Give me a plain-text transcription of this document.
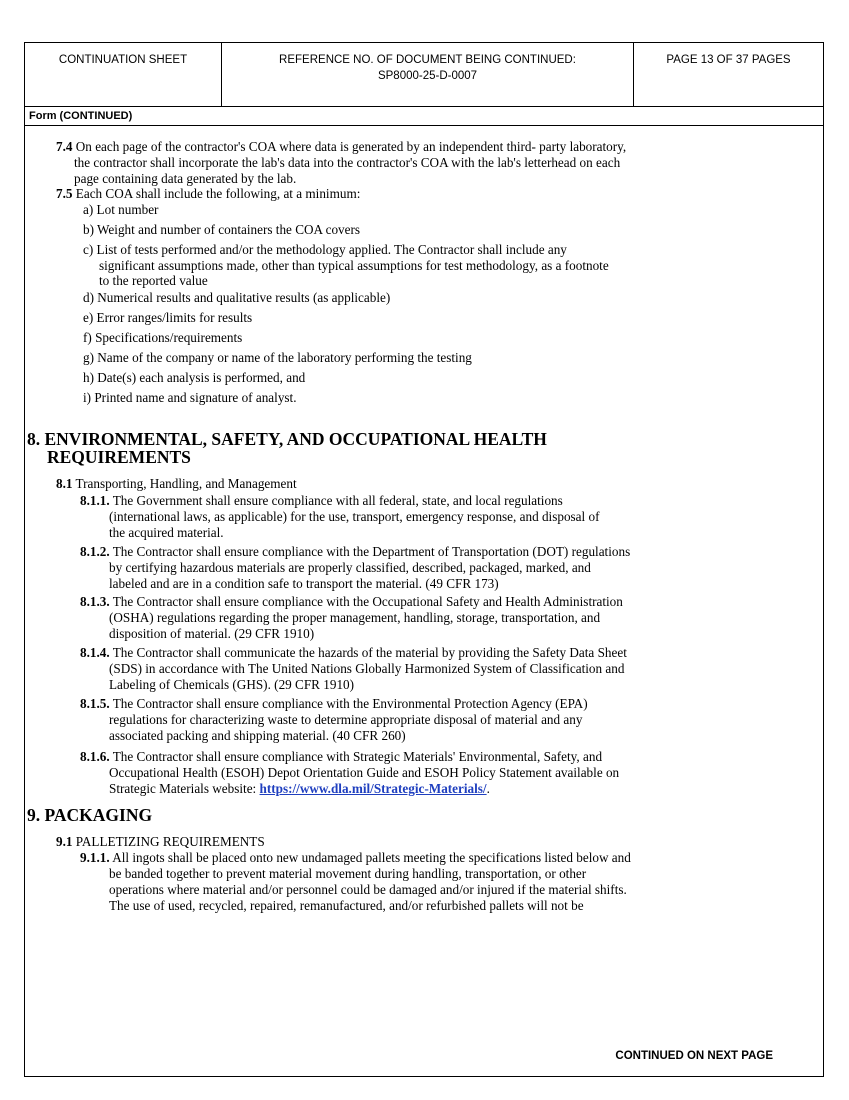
CONTINUATION SHEET	REFERENCE NO. OF DOCUMENT BEING CONTINUED:
SP8000-25-D-0007
PAGE 13 OF 37 PAGES
Form (CONTINUED)
7.4 On each page of the contractor's COA where data is generated by an independent third- party laboratory,
the contractor shall incorporate the lab's data into the contractor's COA with the lab's letterhead on each
page containing data generated by the lab.
7.5 Each COA shall include the following, at a minimum:
a) Lot number
b) Weight and number of containers the COA covers
c) List of tests performed and/or the methodology applied. The Contractor shall include any
significant assumptions made, other than typical assumptions for test methodology, as a footnote
to the reported value
d) Numerical results and qualitative results (as applicable)
e) Error ranges/limits for results
f) Specifications/requirements
g) Name of the company or name of the laboratory performing the testing
h) Date(s) each analysis is performed, and
i) Printed name and signature of analyst.
8. ENVIRONMENTAL, SAFETY, AND OCCUPATIONAL HEALTH
REQUIREMENTS
8.1 Transporting, Handling, and Management
8.1.1. The Government shall ensure compliance with all federal, state, and local regulations
(international laws, as applicable) for the use, transport, emergency response, and disposal of
the acquired material.
8.1.2. The Contractor shall ensure compliance with the Department of Transportation (DOT) regulations
by certifying hazardous materials are properly classified, described, packaged, marked, and
labeled and are in a condition safe to transport the material. (49 CFR 173)
8.1.3. The Contractor shall ensure compliance with the Occupational Safety and Health Administration
(OSHA) regulations regarding the proper management, handling, storage, transportation, and
disposition of material. (29 CFR 1910)
8.1.4. The Contractor shall communicate the hazards of the material by providing the Safety Data Sheet
(SDS) in accordance with The United Nations Globally Harmonized System of Classification and
Labeling of Chemicals (GHS). (29 CFR 1910)
8.1.5. The Contractor shall ensure compliance with the Environmental Protection Agency (EPA)
regulations for characterizing waste to determine appropriate disposal of material and any
associated packing and shipping material. (40 CFR 260)
8.1.6. The Contractor shall ensure compliance with Strategic Materials' Environmental, Safety, and
Occupational Health (ESOH) Depot Orientation Guide and ESOH Policy Statement available on
Strategic Materials website: https://www.dla.mil/Strategic-Materials/.
9. PACKAGING
9.1 PALLETIZING REQUIREMENTS
9.1.1. All ingots shall be placed onto new undamaged pallets meeting the specifications listed below and
be banded together to prevent material movement during handling, transportation, or other
operations where material and/or personnel could be damaged and/or injured if the material shifts.
The use of used, recycled, repaired, remanufactured, and/or refurbished pallets will not be
CONTINUED ON NEXT PAGE
